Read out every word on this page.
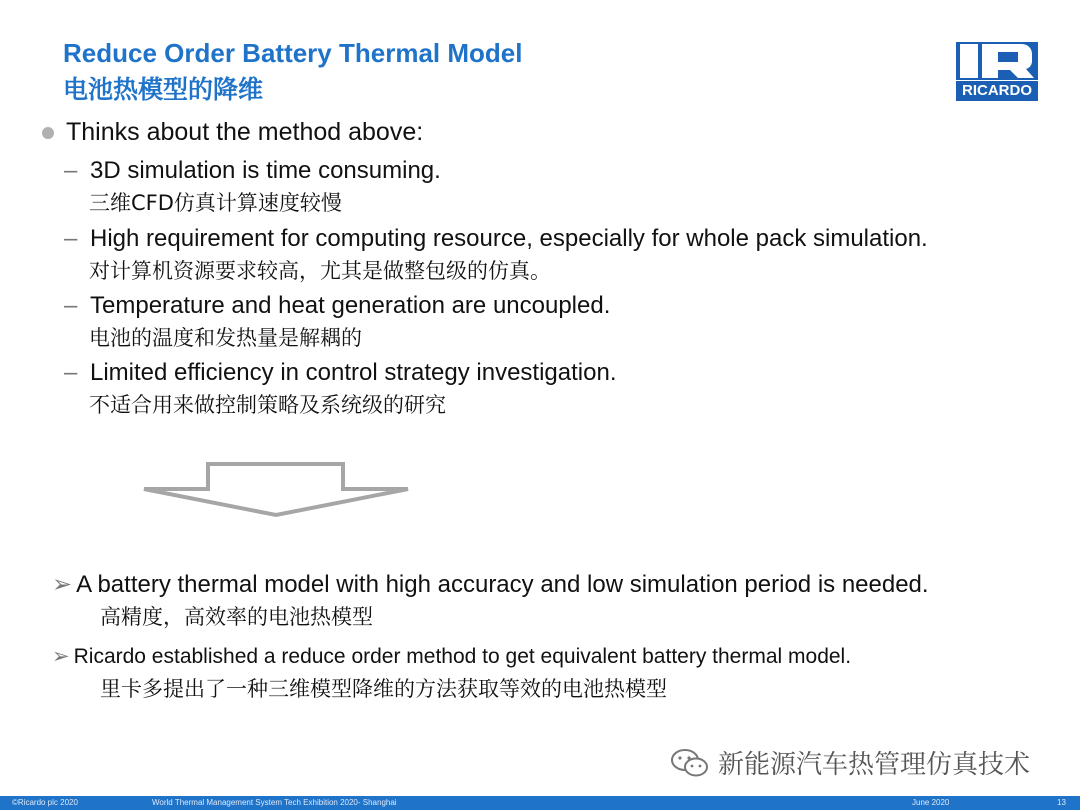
Reduce Order Battery Thermal Model
电池热模型的降维	RICARDO
Thinks about the method above:
– 3D simulation is time consuming.
三维CFD仿真计算速度较慢
– High requirement for computing resource, especially for whole pack simulation.
对计算机资源要求较高，尤其是做整包级的仿真。
– Temperature and heat generation are uncoupled.
电池的温度和发热量是解耦的
– Limited efficiency in control strategy investigation.
不适合用来做控制策略及系统级的研究
➢ A battery thermal model with high accuracy and low simulation period is needed.
高精度，高效率的电池热模型
➢ Ricardo established a reduce order method to get equivalent battery thermal model.
里卡多提出了一种三维模型降维的方法获取等效的电池热模型
新能源汽车热管理仿真技术
©Ricardo plc 2020	World Thermal Management System Tech Exhibition 2020- Shanghai	June 2020	13
